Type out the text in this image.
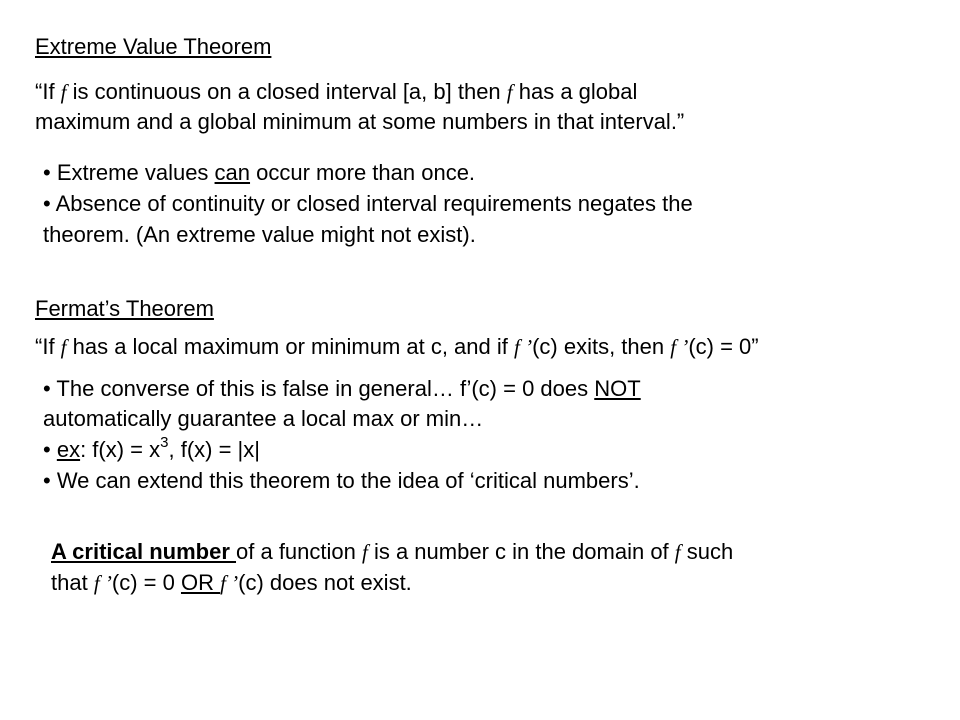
Extreme Value Theorem
“If f is continuous on a closed interval [a, b] then f has a global
maximum and a global minimum at some numbers in that interval.”
• Extreme values can occur more than once.
• Absence of continuity or closed interval requirements negates the
theorem. (An extreme value might not exist).
Fermat’s Theorem
“If f has a local maximum or minimum at c, and if f ’(c) exits, then f ’(c) = 0”
• The converse of this is false in general… f’(c) = 0 does NOT
automatically guarantee a local max or min…
• ex: $f(x) = x^3$, f(x) = |x|
• We can extend this theorem to the idea of ‘critical numbers’.
A critical number of a function f is a number c in the domain of f such
that f ’(c) = 0 OR f ’(c) does not exist.
